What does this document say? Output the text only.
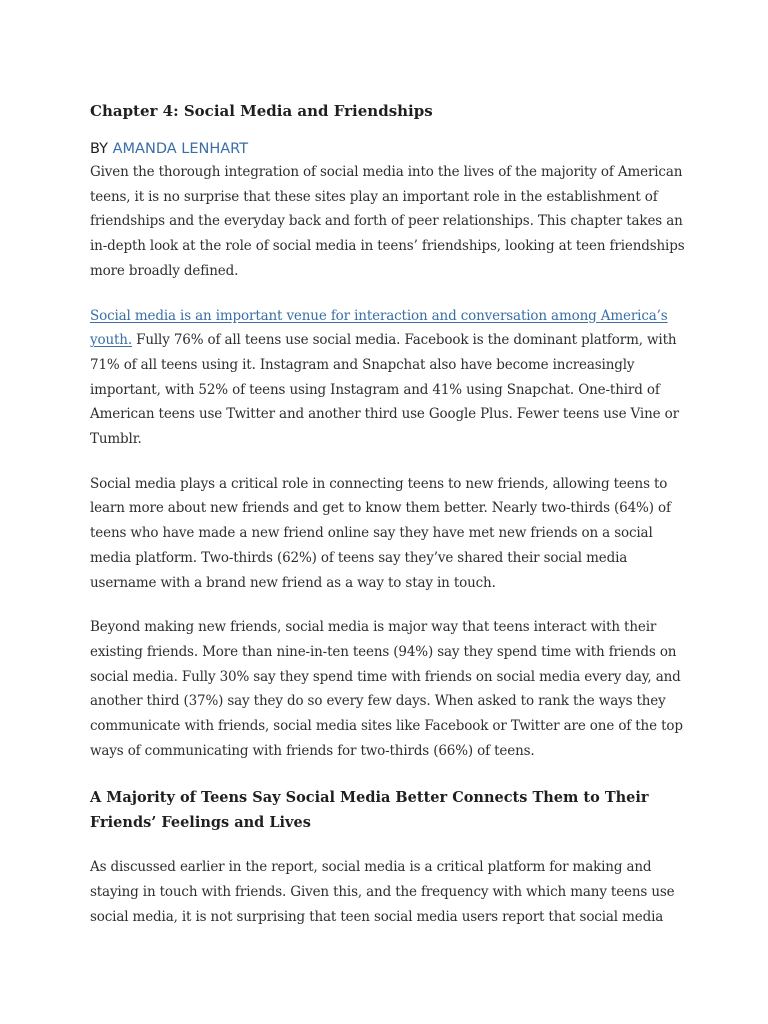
Chapter 4: Social Media and Friendships
BY AMANDA LENHART

Given the thorough integration of social media into the lives of the majority of American teens, it is no surprise that these sites play an important role in the establishment of friendships and the everyday back and forth of peer relationships. This chapter takes an in-depth look at the role of social media in teens’ friendships, looking at teen friendships more broadly defined.

Social media is an important venue for interaction and conversation among America’s youth. Fully 76% of all teens use social media. Facebook is the dominant platform, with 71% of all teens using it. Instagram and Snapchat also have become increasingly important, with 52% of teens using Instagram and 41% using Snapchat. One-third of American teens use Twitter and another third use Google Plus. Fewer teens use Vine or Tumblr.

Social media plays a critical role in connecting teens to new friends, allowing teens to learn more about new friends and get to know them better. Nearly two-thirds (64%) of teens who have made a new friend online say they have met new friends on a social media platform. Two-thirds (62%) of teens say they’ve shared their social media username with a brand new friend as a way to stay in touch.

Beyond making new friends, social media is major way that teens interact with their existing friends. More than nine-in-ten teens (94%) say they spend time with friends on social media. Fully 30% say they spend time with friends on social media every day, and another third (37%) say they do so every few days. When asked to rank the ways they communicate with friends, social media sites like Facebook or Twitter are one of the top ways of communicating with friends for two-thirds (66%) of teens.

A Majority of Teens Say Social Media Better Connects Them to Their Friends’ Feelings and Lives

As discussed earlier in the report, social media is a critical platform for making and staying in touch with friends. Given this, and the frequency with which many teens use social media, it is not surprising that teen social media users report that social media
